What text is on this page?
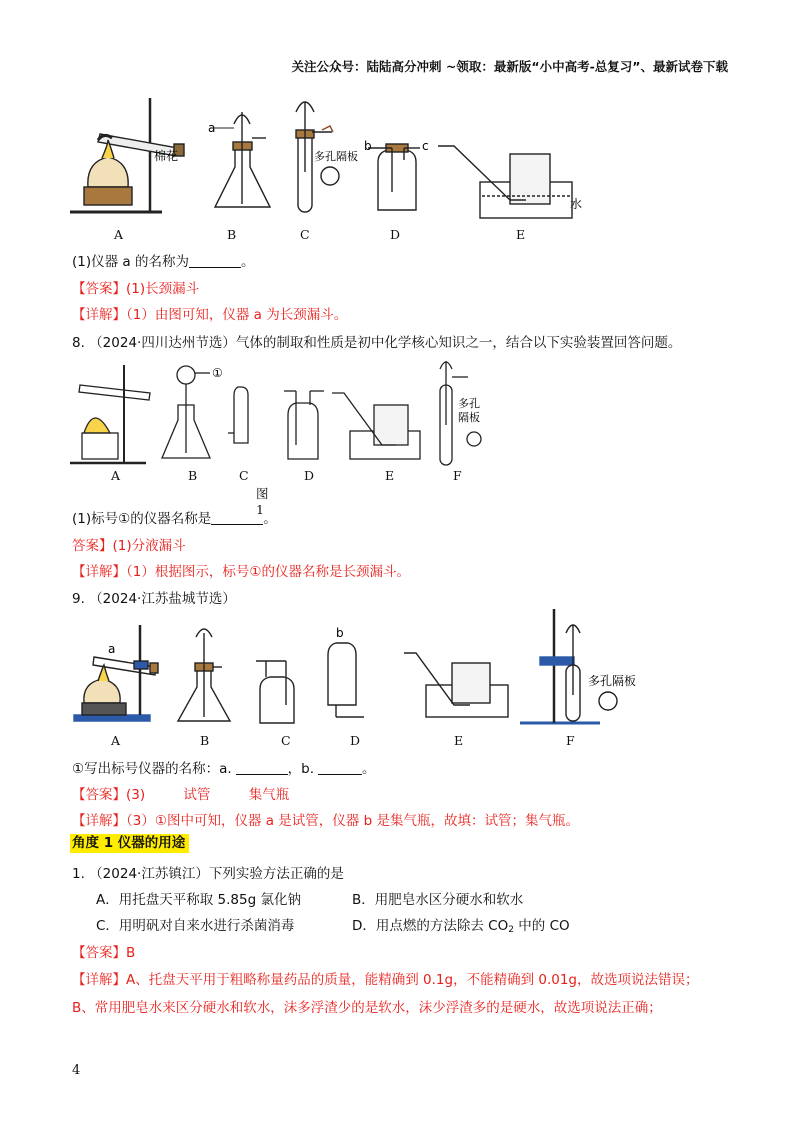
关注公众号：陆陆高分冲刺 ~领取：最新版“小中高考-总复习”、最新试卷下载
a
棉花	多孔隔板
b	c
水
A	B	C	D	E
(1)仪器 a 的名称为	。
【答案】(1)长颈漏斗
【详解】（1）由图可知，仪器 a 为长颈漏斗。
8. （2024·四川达州节选）气体的制取和性质是初中化学核心知识之一，结合以下实验装置回答问题。
①
多孔
隔板
A	B	C	D	E	F
图1
(1)标号①的仪器名称是	。
答案】(1)分液漏斗
【详解】（1）根据图示，标号①的仪器名称是长颈漏斗。
9. （2024·江苏盐城节选）
a
b
多孔隔板
A	B	C	D	E	F
①写出标号仪器的名称：a.	，b.	。
【答案】(3)	试管	集气瓶
【详解】（3）①图中可知，仪器 a 是试管，仪器 b 是集气瓶，故填：试管；集气瓶。
角度 1 仪器的用途
1. （2024·江苏镇江）下列实验方法正确的是
A．用托盘天平称取 5.85g 氯化钠	B．用肥皂水区分硬水和软水
C．用明矾对自来水进行杀菌消毒	D．用点燃的方法除去 $CO_2$ 中的 CO
【答案】B
【详解】A、托盘天平用于粗略称量药品的质量，能精确到 0.1g，不能精确到 0.01g，故选项说法错误；
B、常用肥皂水来区分硬水和软水，沫多浮渣少的是软水，沫少浮渣多的是硬水，故选项说法正确；
4
